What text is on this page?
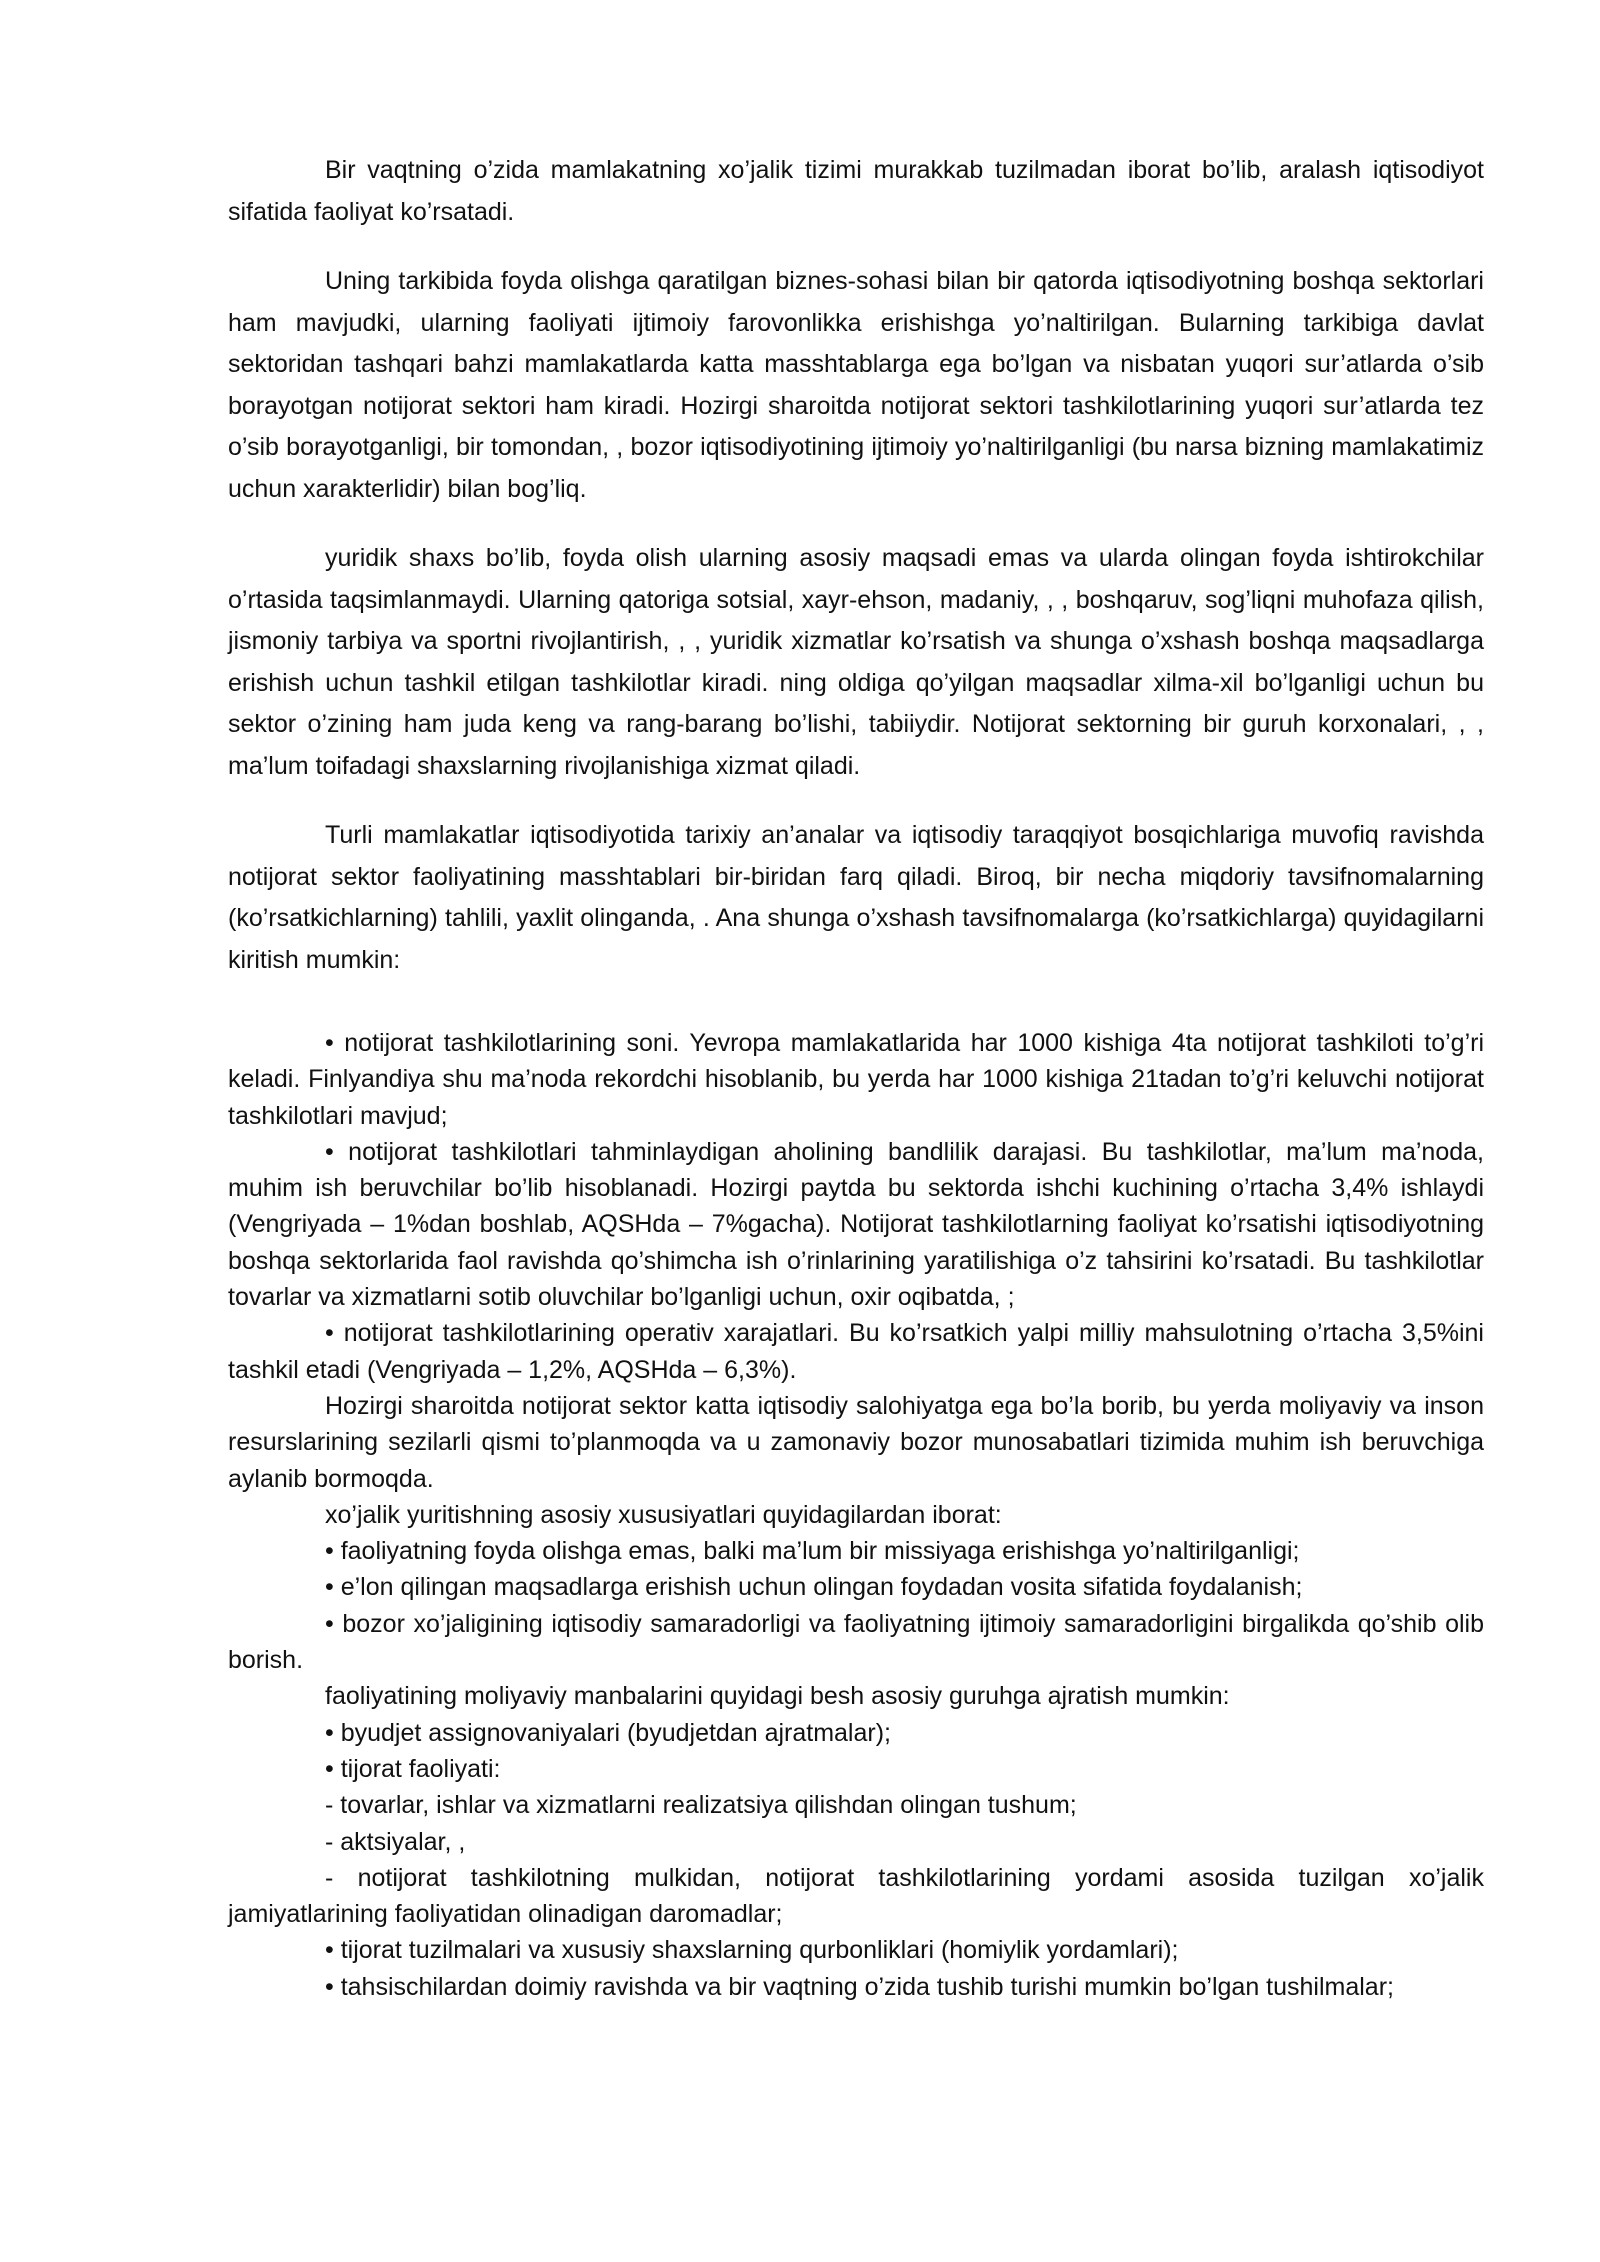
Bir vaqtning o’zida mamlakatning xo’jalik tizimi murakkab tuzilmadan iborat bo’lib, aralash iqtisodiyot sifatida faoliyat ko’rsatadi.

Uning tarkibida foyda olishga qaratilgan biznes-sohasi bilan bir qatorda iqtisodiyotning boshqa sektorlari ham mavjudki, ularning faoliyati ijtimoiy farovonlikka erishishga yo’naltirilgan. Bularning tarkibiga davlat sektoridan tashqari bahzi mamlakatlarda katta masshtablarga ega bo’lgan va nisbatan yuqori sur’atlarda o’sib borayotgan notijorat sektori ham kiradi. Hozirgi sharoitda notijorat sektori tashkilotlarining yuqori sur’atlarda tez o’sib borayotganligi, bir tomondan, , bozor iqtisodiyotining ijtimoiy yo’naltirilganligi (bu narsa bizning mamlakatimiz uchun xarakterlidir) bilan bog’liq.

yuridik shaxs bo’lib, foyda olish ularning asosiy maqsadi emas va ularda olingan foyda ishtirokchilar o’rtasida taqsimlanmaydi. Ularning qatoriga sotsial, xayr-ehson, madaniy, , , boshqaruv, sog’liqni muhofaza qilish, jismoniy tarbiya va sportni rivojlantirish, , , yuridik xizmatlar ko’rsatish va shunga o’xshash boshqa maqsadlarga erishish uchun tashkil etilgan tashkilotlar kiradi. ning oldiga qo’yilgan maqsadlar xilma-xil bo’lganligi uchun bu sektor o’zining ham juda keng va rang-barang bo’lishi, tabiiydir. Notijorat sektorning bir guruh korxonalari, , , ma’lum toifadagi shaxslarning rivojlanishiga xizmat qiladi.

Turli mamlakatlar iqtisodiyotida tarixiy an’analar va iqtisodiy taraqqiyot bosqichlariga muvofiq ravishda notijorat sektor faoliyatining masshtablari bir-biridan farq qiladi. Biroq, bir necha miqdoriy tavsifnomalarning (ko’rsatkichlarning) tahlili, yaxlit olinganda, . Ana shunga o’xshash tavsifnomalarga (ko’rsatkichlarga) quyidagilarni kiritish mumkin:

• notijorat tashkilotlarining soni. Yevropa mamlakatlarida har 1000 kishiga 4ta notijorat tashkiloti to’g’ri keladi. Finlyandiya shu ma’noda rekordchi hisoblanib, bu yerda har 1000 kishiga 21tadan to’g’ri keluvchi notijorat tashkilotlari mavjud;

• notijorat tashkilotlari tahminlaydigan aholining bandlilik darajasi. Bu tashkilotlar, ma’lum ma’noda, muhim ish beruvchilar bo’lib hisoblanadi. Hozirgi paytda bu sektorda ishchi kuchining o’rtacha 3,4% ishlaydi (Vengriyada – 1%dan boshlab, AQSHda – 7%gacha). Notijorat tashkilotlarning faoliyat ko’rsatishi iqtisodiyotning boshqa sektorlarida faol ravishda qo’shimcha ish o’rinlarining yaratilishiga o’z tahsirini ko’rsatadi. Bu tashkilotlar tovarlar va xizmatlarni sotib oluvchilar bo’lganligi uchun, oxir oqibatda, ;

• notijorat tashkilotlarining operativ xarajatlari. Bu ko’rsatkich yalpi milliy mahsulotning o’rtacha 3,5%ini tashkil etadi (Vengriyada – 1,2%, AQSHda – 6,3%).

Hozirgi sharoitda notijorat sektor katta iqtisodiy salohiyatga ega bo’la borib, bu yerda moliyaviy va inson resurslarining sezilarli qismi to’planmoqda va u zamonaviy bozor munosabatlari tizimida muhim ish beruvchiga aylanib bormoqda.

xo’jalik yuritishning asosiy xususiyatlari quyidagilardan iborat:

• faoliyatning foyda olishga emas, balki ma’lum bir missiyaga erishishga yo’naltirilganligi;

• e’lon qilingan maqsadlarga erishish uchun olingan foydadan vosita sifatida foydalanish;

• bozor xo’jaligining iqtisodiy samaradorligi va faoliyatning ijtimoiy samaradorligini birgalikda qo’shib olib borish.

faoliyatining moliyaviy manbalarini quyidagi besh asosiy guruhga ajratish mumkin:

• byudjet assignovaniyalari (byudjetdan ajratmalar);

• tijorat faoliyati:

- tovarlar, ishlar va xizmatlarni realizatsiya qilishdan olingan tushum;

- aktsiyalar, ,

- notijorat tashkilotning mulkidan, notijorat tashkilotlarining yordami asosida tuzilgan xo’jalik jamiyatlarining faoliyatidan olinadigan daromadlar;

• tijorat tuzilmalari va xususiy shaxslarning qurbonliklari (homiylik yordamlari);

• tahsischilardan doimiy ravishda va bir vaqtning o’zida tushib turishi mumkin bo’lgan tushilmalar;
